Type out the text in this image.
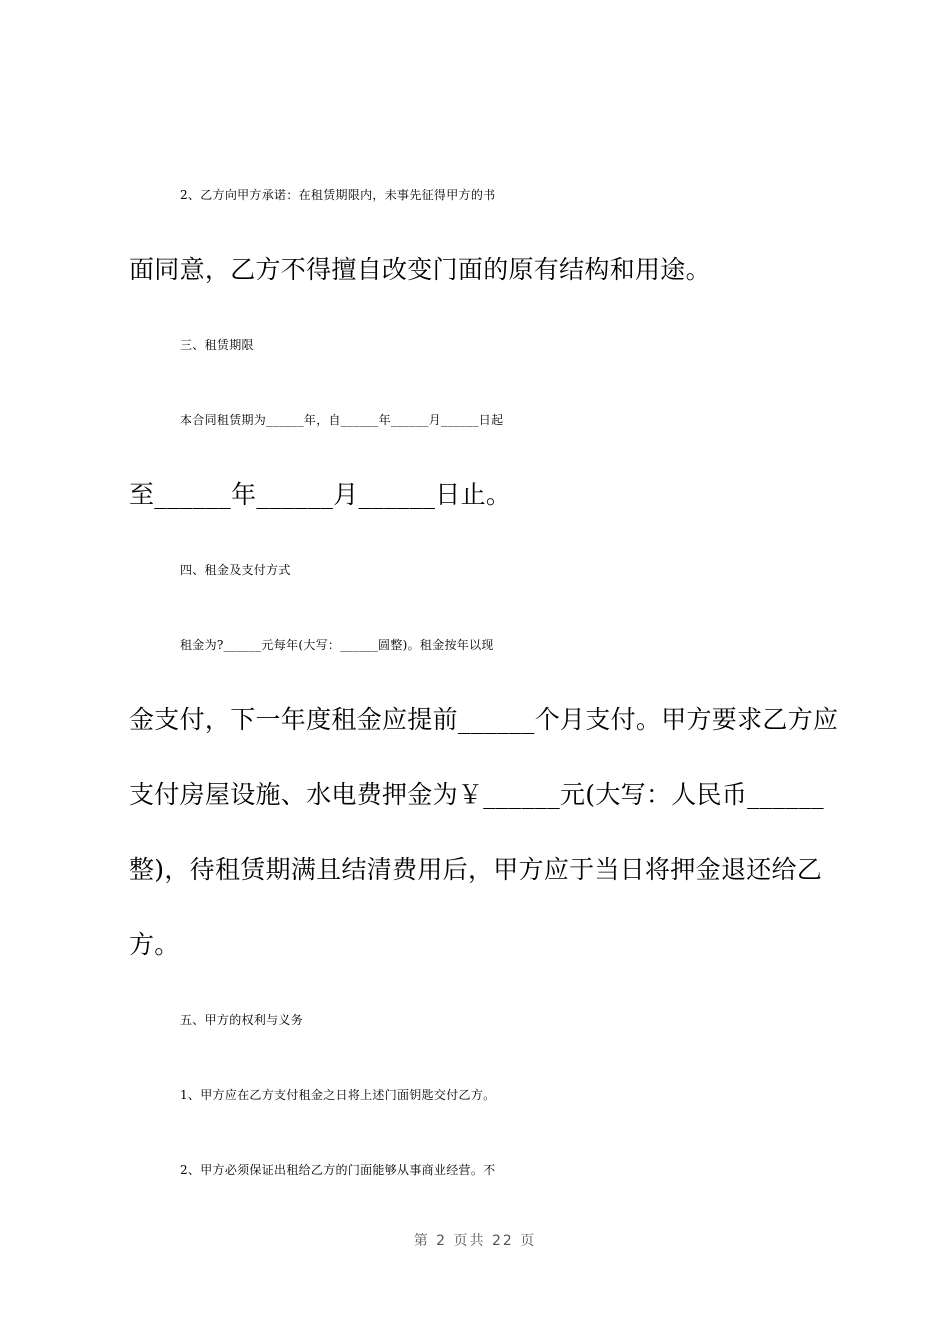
2、乙方向甲方承诺：在租赁期限内，未事先征得甲方的书
面同意，乙方不得擅自改变门面的原有结构和用途。
三、租赁期限
本合同租赁期为______年，自______年______月______日起
至______年______月______日止。
四、租金及支付方式
租金为?______元每年(大写：______圆整)。租金按年以现
金支付，下一年度租金应提前______个月支付。甲方要求乙方应
支付房屋设施、水电费押金为￥______元(大写：人民币______
整)，待租赁期满且结清费用后，甲方应于当日将押金退还给乙
方。
五、甲方的权利与义务
1、甲方应在乙方支付租金之日将上述门面钥匙交付乙方。
2、甲方必须保证出租给乙方的门面能够从事商业经营。不
第 2 页共 22 页
